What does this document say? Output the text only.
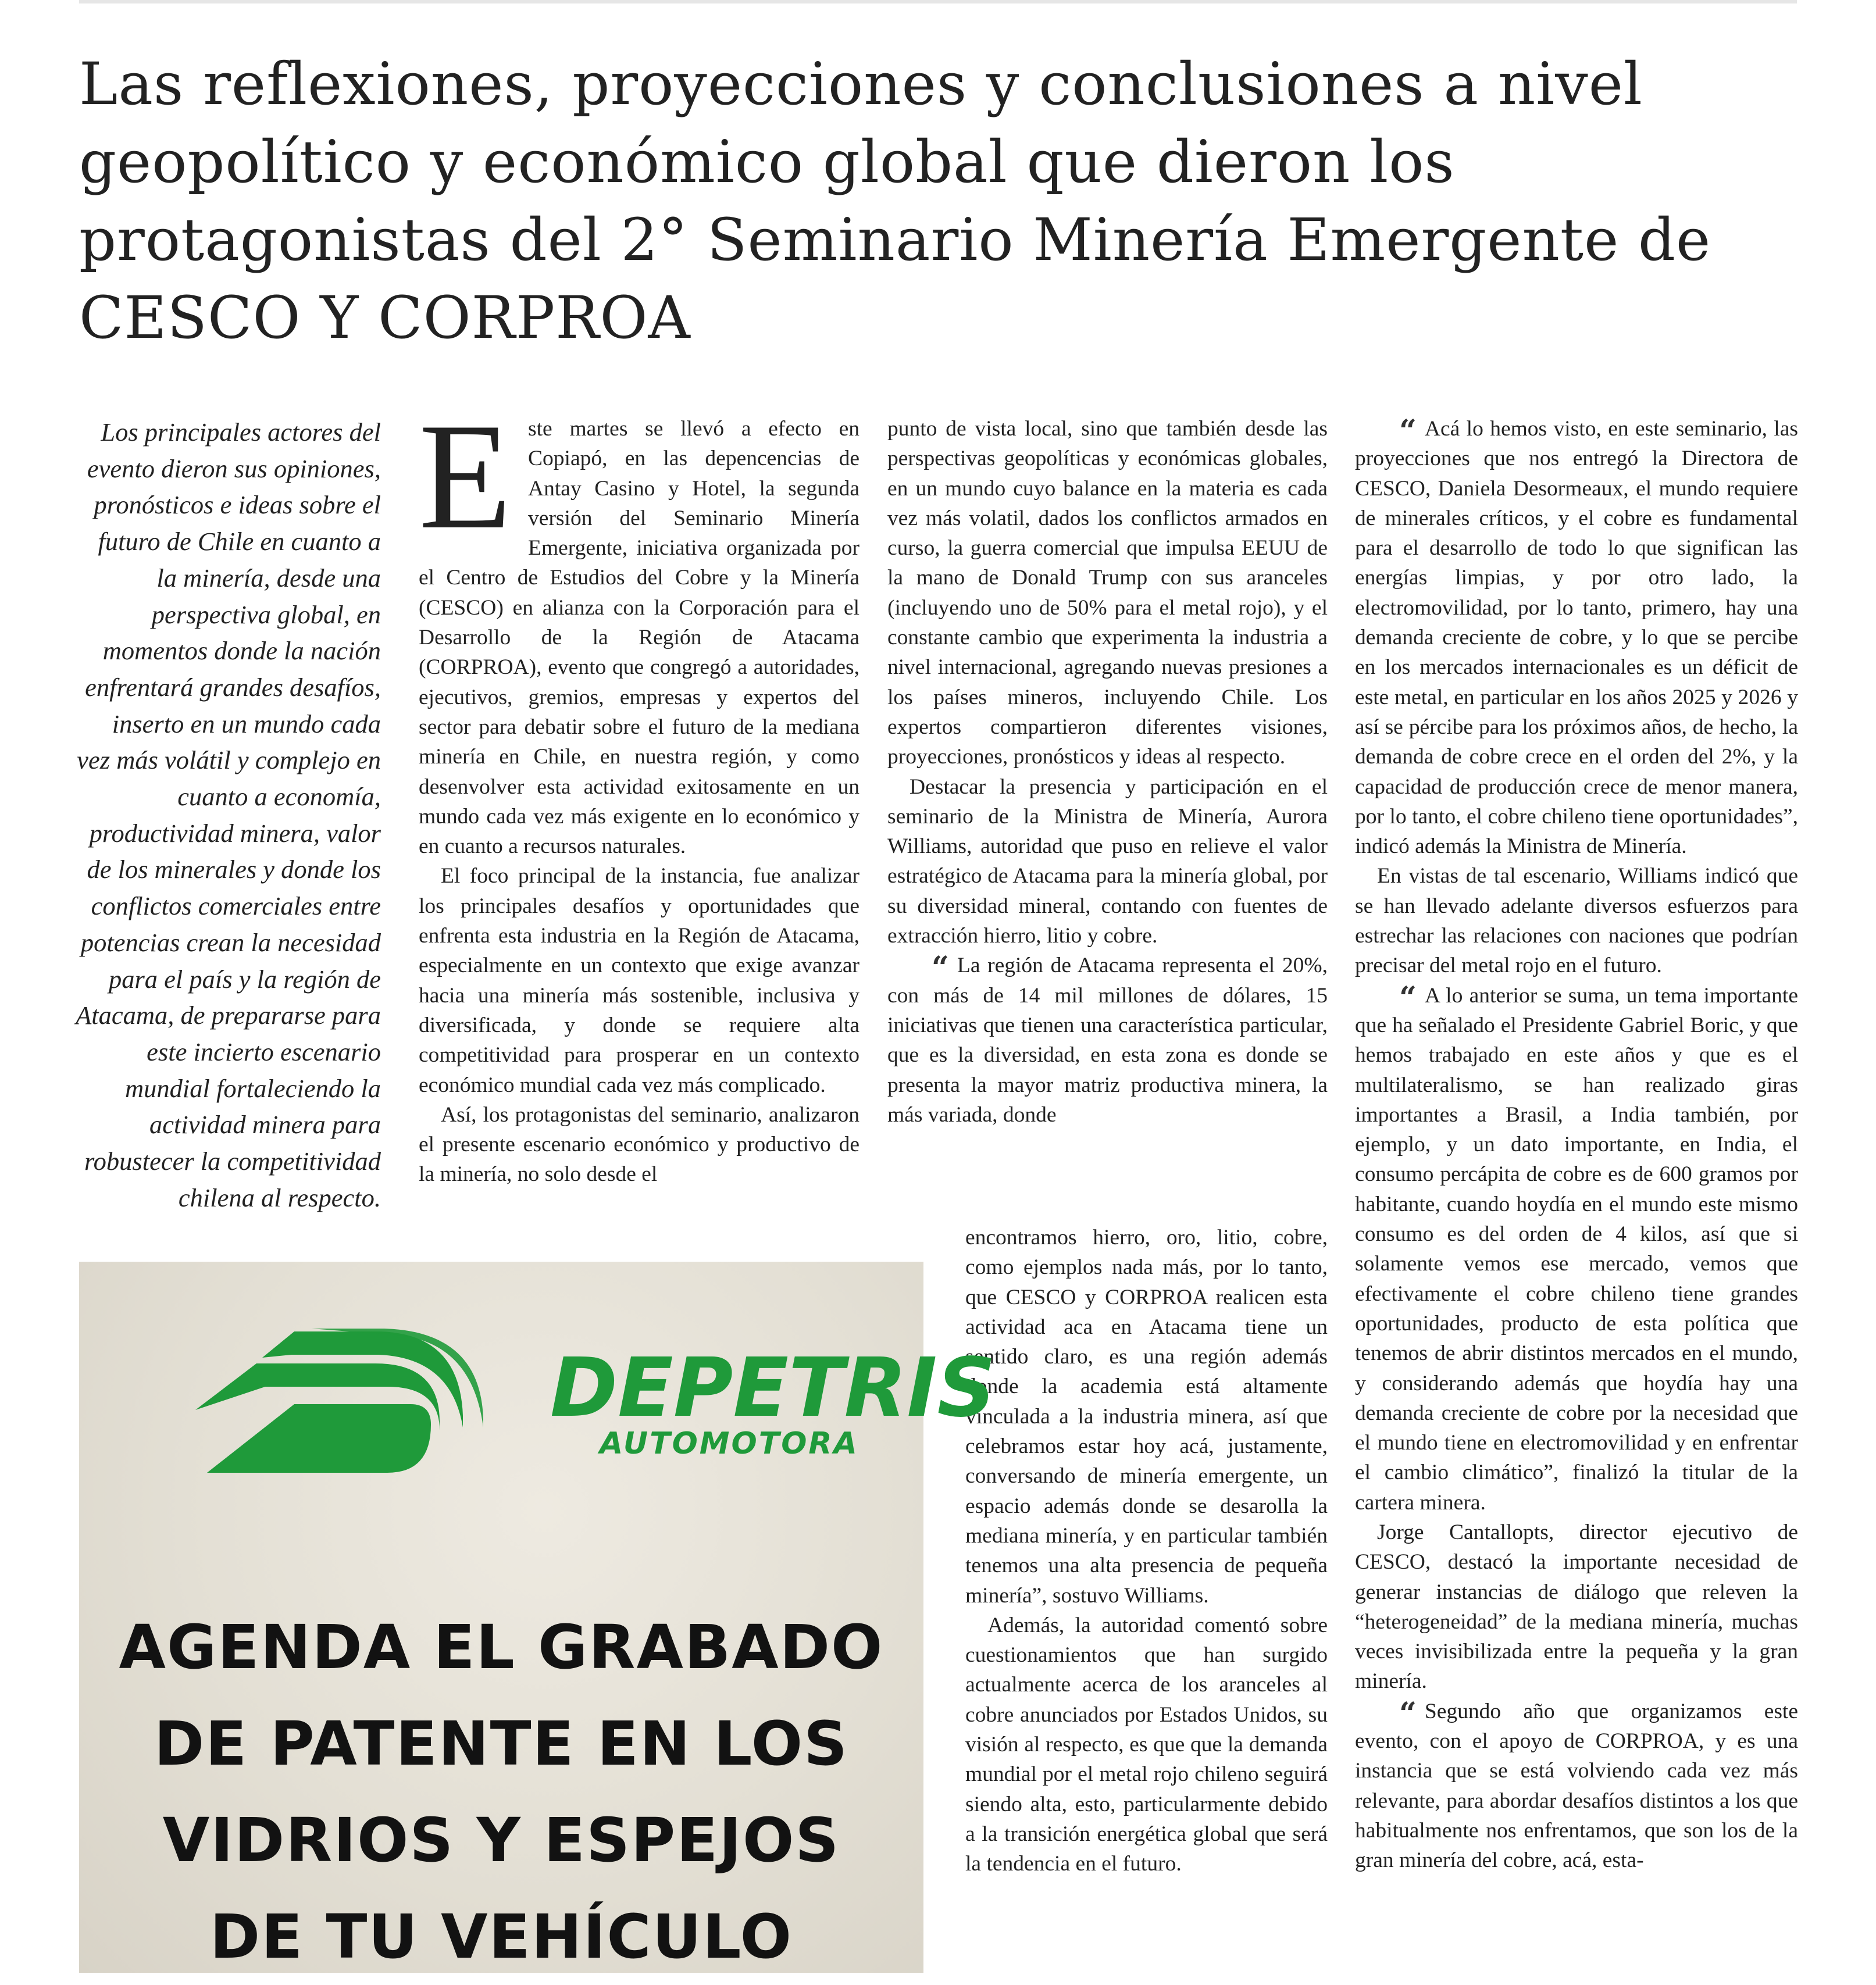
Las reflexiones, proyecciones y conclusiones a nivel geopolítico y económico global que dieron los protagonistas del 2° Seminario Minería Emergente de CESCO Y CORPROA

Los principales actores del evento dieron sus opiniones, pronósticos e ideas sobre el futuro de Chile en cuanto a la minería, desde una perspectiva global, en momentos donde la nación enfrentará grandes desafíos, inserto en un mundo cada vez más volátil y complejo en cuanto a economía, productividad minera, valor de los minerales y donde los conflictos comerciales entre potencias crean la necesidad para el país y la región de Atacama, de prepararse para este incierto escenario mundial fortaleciendo la actividad minera para robustecer la competitividad chilena al respecto.

Este martes se llevó a efecto en Copiapó, en las depencencias de Antay Casino y Hotel, la segunda versión del Seminario Minería Emergente, iniciativa organizada por el Centro de Estudios del Cobre y la Minería (CESCO) en alianza con la Corporación para el Desarrollo de la Región de Atacama (CORPROA), evento que congregó a autoridades, ejecutivos, gremios, empresas y expertos del sector para debatir sobre el futuro de la mediana minería en Chile, en nuestra región, y como desenvolver esta actividad exitosamente en un mundo cada vez más exigente en lo económico y en cuanto a recursos naturales.

El foco principal de la instancia, fue analizar los principales desafíos y oportunidades que enfrenta esta industria en la Región de Atacama, especialmente en un contexto que exige avanzar hacia una minería más sostenible, inclusiva y diversificada, y donde se requiere alta competitividad para prosperar en un contexto económico mundial cada vez más complicado.

Así, los protagonistas del seminario, analizaron el presente escenario económico y productivo de la minería, no solo desde el

punto de vista local, sino que también desde las perspectivas geopolíticas y económicas globales, en un mundo cuyo balance en la materia es cada vez más volatil, dados los conflictos armados en curso, la guerra comercial que impulsa EEUU de la mano de Donald Trump con sus aranceles (incluyendo uno de 50% para el metal rojo), y el constante cambio que experimenta la industria a nivel internacional, agregando nuevas presiones a los países mineros, incluyendo Chile. Los expertos compartieron diferentes visiones, proyecciones, pronósticos y ideas al respecto.

Destacar la presencia y participación en el seminario de la Ministra de Minería, Aurora Williams, autoridad que puso en relieve el valor estratégico de Atacama para la minería global, por su diversidad mineral, contando con fuentes de extracción hierro, litio y cobre.

“ La región de Atacama representa el 20%, con más de 14 mil millones de dólares, 15 iniciativas que tienen una característica particular, que es la diversidad, en esta zona es donde se presenta la mayor matriz productiva minera, la más variada, donde

encontramos hierro, oro, litio, cobre, como ejemplos nada más, por lo tanto, que CESCO y CORPROA realicen esta actividad aca en Atacama tiene un sentido claro, es una región además donde la academia está altamente vinculada a la industria minera, así que celebramos estar hoy acá, justamente, conversando de minería emergente, un espacio además donde se desarolla la mediana minería, y en particular también tenemos una alta presencia de pequeña minería”, sostuvo Williams.

Además, la autoridad comentó sobre cuestionamientos que han surgido actualmente acerca de los aranceles al cobre anunciados por Estados Unidos, su visión al respecto, es que que la demanda mundial por el metal rojo chileno seguirá siendo alta, esto, particularmente debido a la transición energética global que será la tendencia en el futuro.

“ Acá lo hemos visto, en este seminario, las proyecciones que nos entregó la Directora de CESCO, Daniela Desormeaux, el mundo requiere de minerales críticos, y el cobre es fundamental para el desarrollo de todo lo que significan las energías limpias, y por otro lado, la electromovilidad, por lo tanto, primero, hay una demanda creciente de cobre, y lo que se percibe en los mercados internacionales es un déficit de este metal, en particular en los años 2025 y 2026 y así se pércibe para los próximos años, de hecho, la demanda de cobre crece en el orden del 2%, y la capacidad de producción crece de menor manera, por lo tanto, el cobre chileno tiene oportunidades”, indicó además la Ministra de Minería.

En vistas de tal escenario, Williams indicó que se han llevado adelante diversos esfuerzos para estrechar las relaciones con naciones que podrían precisar del metal rojo en el futuro.

“ A lo anterior se suma, un tema importante que ha señalado el Presidente Gabriel Boric, y que hemos trabajado en este años y que es el multilateralismo, se han realizado giras importantes a Brasil, a India también, por ejemplo, y un dato importante, en India, el consumo percápita de cobre es de 600 gramos por habitante, cuando hoydía en el mundo este mismo consumo es del orden de 4 kilos, así que si solamente vemos ese mercado, vemos que efectivamente el cobre chileno tiene grandes oportunidades, producto de esta política que tenemos de abrir distintos mercados en el mundo, y considerando además que hoydía hay una demanda creciente de cobre por la necesidad que el mundo tiene en electromovilidad y en enfrentar el cambio climático”, finalizó la titular de la cartera minera.

Jorge Cantallopts, director ejecutivo de CESCO, destacó la importante necesidad de generar instancias de diálogo que releven la “heterogeneidad” de la mediana minería, muchas veces invisibilizada entre la pequeña y la gran minería.

“ Segundo año que organizamos este evento, con el apoyo de CORPROA, y es una instancia que se está volviendo cada vez más relevante, para abordar desafíos distintos a los que habitualmente nos enfrentamos, que son los de la gran minería del cobre, acá, esta-

DEPETRIS
AUTOMOTORA

AGENDA EL GRABADO DE PATENTE EN LOS VIDRIOS Y ESPEJOS DE TU VEHÍCULO
